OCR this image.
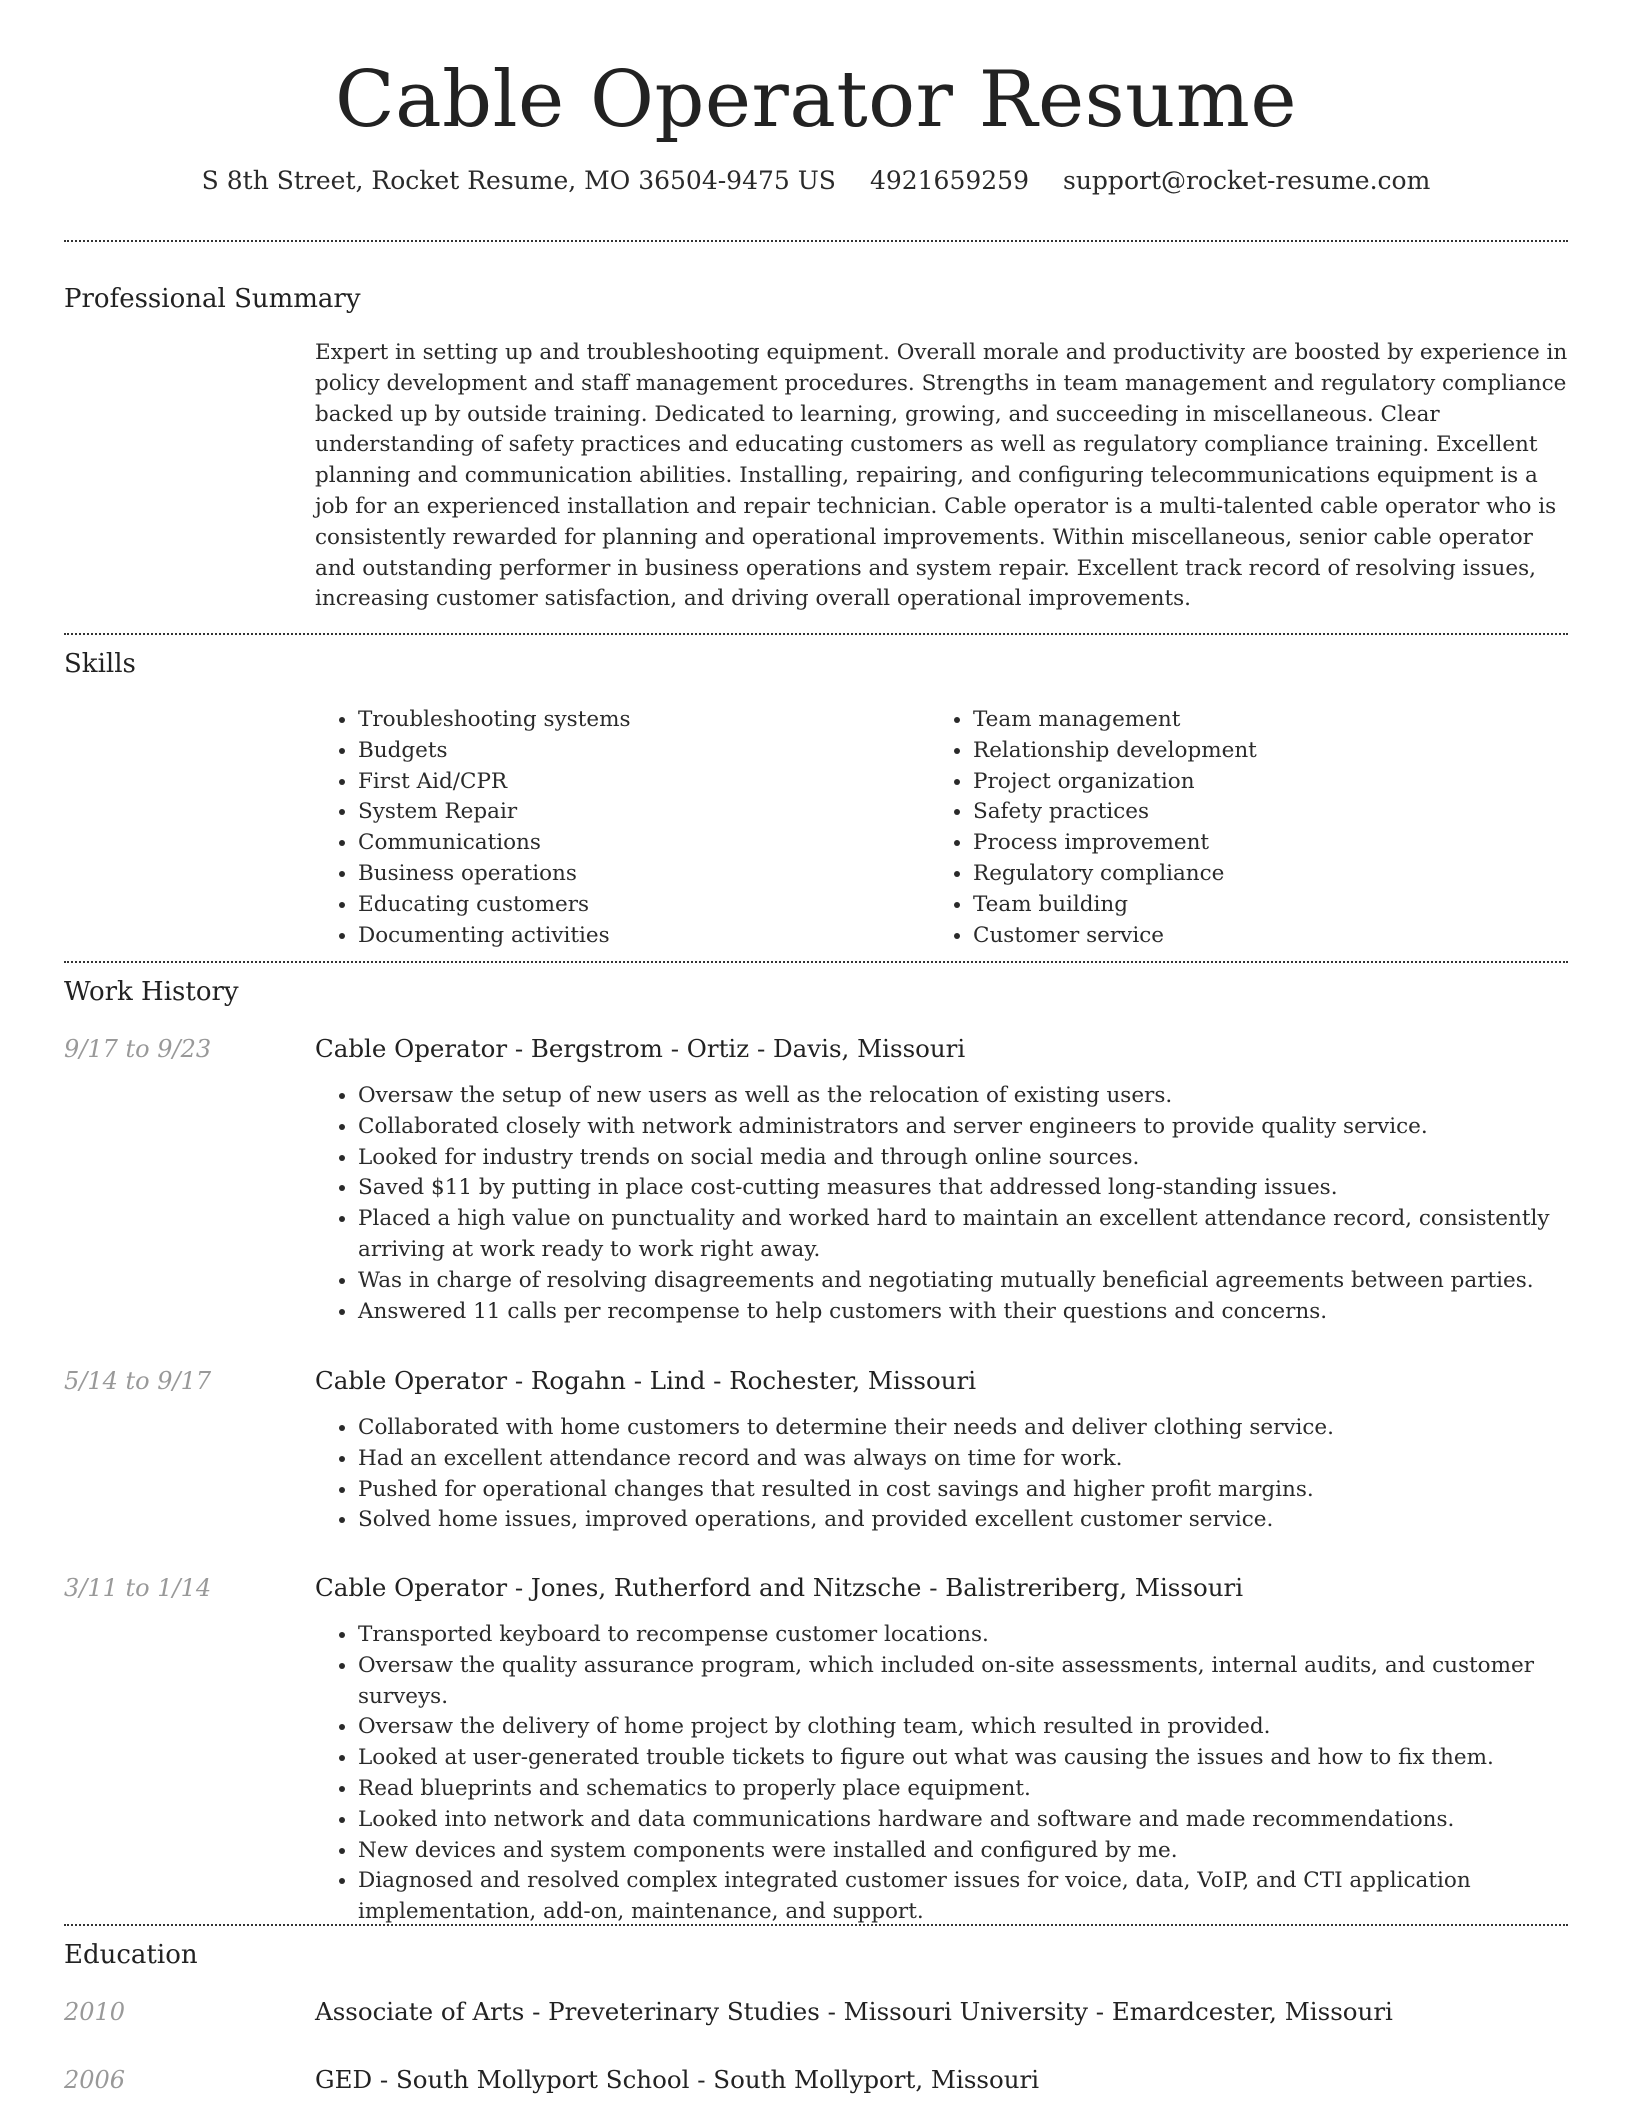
Cable Operator Resume
S 8th Street, Rocket Resume, MO 36504-9475 US 4921659259 support@rocket-resume.com
Professional Summary

Expert in setting up and troubleshooting equipment. Overall morale and productivity are boosted by experience in policy development and staff management procedures. Strengths in team management and regulatory compliance backed up by outside training. Dedicated to learning, growing, and succeeding in miscellaneous. Clear understanding of safety practices and educating customers as well as regulatory compliance training. Excellent planning and communication abilities. Installing, repairing, and configuring telecommunications equipment is a job for an experienced installation and repair technician. Cable operator is a multi-talented cable operator who is consistently rewarded for planning and operational improvements. Within miscellaneous, senior cable operator and outstanding performer in business operations and system repair. Excellent track record of resolving issues, increasing customer satisfaction, and driving overall operational improvements.

Skills
• Troubleshooting systems
• Budgets
• First Aid/CPR
• System Repair
• Communications
• Business operations
• Educating customers
• Documenting activities
• Team management
• Relationship development
• Project organization
• Safety practices
• Process improvement
• Regulatory compliance
• Team building
• Customer service
Work History
9/17 to 9/23	Cable Operator - Bergstrom - Ortiz - Davis, Missouri
• Oversaw the setup of new users as well as the relocation of existing users.
• Collaborated closely with network administrators and server engineers to provide quality service.
• Looked for industry trends on social media and through online sources.
• Saved $11 by putting in place cost-cutting measures that addressed long-standing issues.
• Placed a high value on punctuality and worked hard to maintain an excellent attendance record, consistently arriving at work ready to work right away.
• Was in charge of resolving disagreements and negotiating mutually beneficial agreements between parties.
• Answered 11 calls per recompense to help customers with their questions and concerns.
5/14 to 9/17	Cable Operator - Rogahn - Lind - Rochester, Missouri
• Collaborated with home customers to determine their needs and deliver clothing service.
• Had an excellent attendance record and was always on time for work.
• Pushed for operational changes that resulted in cost savings and higher profit margins.
• Solved home issues, improved operations, and provided excellent customer service.
3/11 to 1/14	Cable Operator - Jones, Rutherford and Nitzsche - Balistreriberg, Missouri
• Transported keyboard to recompense customer locations.
• Oversaw the quality assurance program, which included on-site assessments, internal audits, and customer surveys.
• Oversaw the delivery of home project by clothing team, which resulted in provided.
• Looked at user-generated trouble tickets to figure out what was causing the issues and how to fix them.
• Read blueprints and schematics to properly place equipment.
• Looked into network and data communications hardware and software and made recommendations.
• New devices and system components were installed and configured by me.
• Diagnosed and resolved complex integrated customer issues for voice, data, VoIP, and CTI application implementation, add-on, maintenance, and support.
Education
2010	Associate of Arts - Preveterinary Studies - Missouri University - Emardcester, Missouri
2006	GED - South Mollyport School - South Mollyport, Missouri
